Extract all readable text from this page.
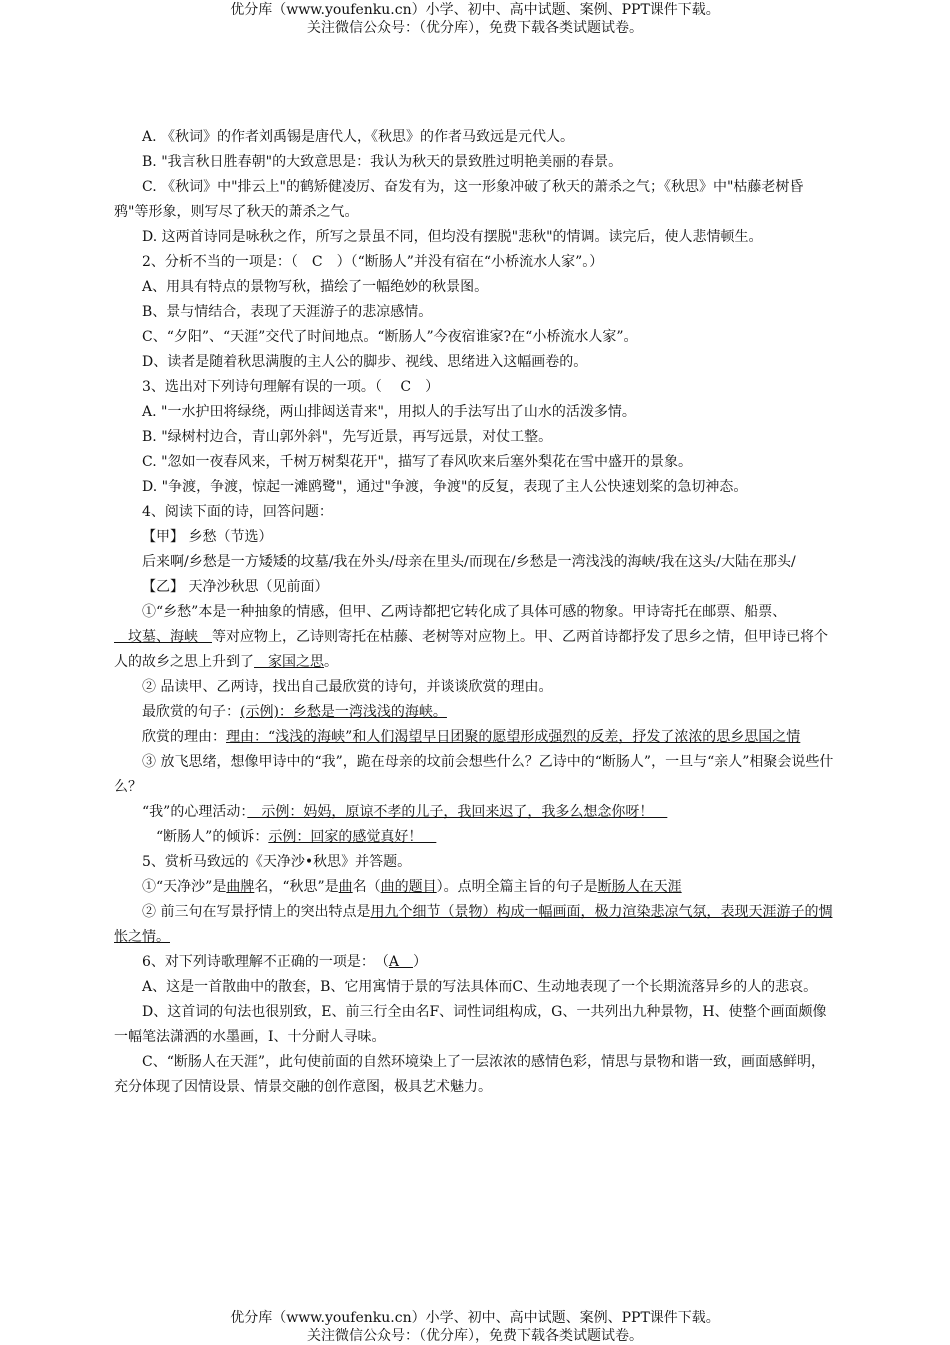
优分库（www.youfenku.cn）小学、初中、高中试题、案例、PPT课件下载。
关注微信公众号：（优分库），免费下载各类试题试卷。

A. 《秋词》的作者刘禹锡是唐代人，《秋思》的作者马致远是元代人。

B. "我言秋日胜春朝"的大致意思是：我认为秋天的景致胜过明艳美丽的春景。

C. 《秋词》中"排云上"的鹤矫健凌厉、奋发有为，这一形象冲破了秋天的萧杀之气；《秋思》中"枯藤老树昏鸦"等形象，则写尽了秋天的萧杀之气。

D. 这两首诗同是咏秋之作，所写之景虽不同，但均没有摆脱"悲秋"的情调。读完后，使人悲情顿生。

2、分析不当的一项是：（　C　）（“断肠人”并没有宿在“小桥流水人家”。）

A、用具有特点的景物写秋，描绘了一幅绝妙的秋景图。

B、景与情结合，表现了天涯游子的悲凉感情。

C、“夕阳”、“天涯”交代了时间地点。“断肠人”今夜宿谁家?在“小桥流水人家”。

D、读者是随着秋思满腹的主人公的脚步、视线、思绪进入这幅画卷的。

3、选出对下列诗句理解有误的一项。（　 C　）

A. "一水护田将绿绕，两山排闼送青来"，用拟人的手法写出了山水的活泼多情。

B. "绿树村边合，青山郭外斜"，先写近景，再写远景，对仗工整。

C. "忽如一夜春风来，千树万树梨花开"，描写了春风吹来后塞外梨花在雪中盛开的景象。

D. "争渡，争渡，惊起一滩鸥鹭"，通过"争渡，争渡"的反复，表现了主人公快速划桨的急切神态。

4、阅读下面的诗，回答问题：

【甲】 乡愁（节选）

后来啊/乡愁是一方矮矮的坟墓/我在外头/母亲在里头/而现在/乡愁是一湾浅浅的海峡/我在这头/大陆在那头/

【乙】 天净沙秋思（见前面）

①“乡愁”本是一种抽象的情感，但甲、乙两诗都把它转化成了具体可感的物象。甲诗寄托在邮票、船票、　坟墓、海峡　等对应物上，乙诗则寄托在枯藤、老树等对应物上。甲、乙两首诗都抒发了思乡之情，但甲诗已将个人的故乡之思上升到了　家国之思。

② 品读甲、乙两诗，找出自己最欣赏的诗句，并谈谈欣赏的理由。

最欣赏的句子：(示例)：乡愁是一湾浅浅的海峡。

欣赏的理由：理由：“浅浅的海峡”和人们渴望早日团聚的愿望形成强烈的反差，抒发了浓浓的思乡思国之情

③ 放飞思绪，想像甲诗中的“我”，跪在母亲的坟前会想些什么？乙诗中的“断肠人”，一旦与“亲人”相聚会说些什么？

“我”的心理活动：　示例：妈妈，原谅不孝的儿子，我回来迟了，我多么想念你呀！　

“断肠人”的倾诉：示例：回家的感觉真好！　

5、赏析马致远的《天净沙•秋思》并答题。

①“天净沙”是曲牌名，“秋思”是曲名（曲的题目）。点明全篇主旨的句子是断肠人在天涯

② 前三句在写景抒情上的突出特点是用九个细节（景物）构成一幅画面，极力渲染悲凉气氛，表现天涯游子的惆怅之情。

6、对下列诗歌理解不正确的一项是：　（A　）

A、这是一首散曲中的散套，B、它用寓情于景的写法具体而C、生动地表现了一个长期流落异乡的人的悲哀。

D、这首词的句法也很别致，E、前三行全由名F、词性词组构成，G、一共列出九种景物，H、使整个画面颇像一幅笔法潇洒的水墨画，I、十分耐人寻味。

C、“断肠人在天涯”，此句使前面的自然环境染上了一层浓浓的感情色彩，情思与景物和谐一致，画面感鲜明，充分体现了因情设景、情景交融的创作意图，极具艺术魅力。

优分库（www.youfenku.cn）小学、初中、高中试题、案例、PPT课件下载。
关注微信公众号：（优分库），免费下载各类试题试卷。
